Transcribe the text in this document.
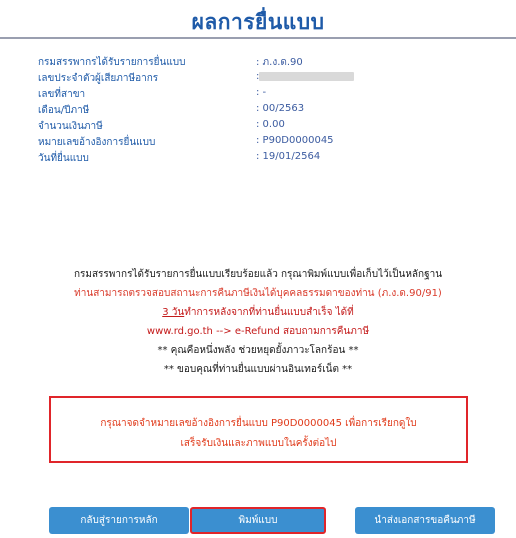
ผลการยื่นแบบ
กรมสรรพากรได้รับรายการยื่นแบบ	: ภ.ง.ด.90
เลขประจำตัวผู้เสียภาษีอากร	:
เลขที่สาขา	: -
เดือน/ปีภาษี	: 00/2563
จำนวนเงินภาษี	: 0.00
หมายเลขอ้างอิงการยื่นแบบ	: P90D0000045
วันที่ยื่นแบบ	: 19/01/2564
กรมสรรพากรได้รับรายการยื่นแบบเรียบร้อยแล้ว กรุณาพิมพ์แบบเพื่อเก็บไว้เป็นหลักฐาน
ท่านสามารถตรวจสอบสถานะการคืนภาษีเงินได้บุคคลธรรมดาของท่าน (ภ.ง.ด.90/91)
3 วันทำการหลังจากที่ท่านยื่นแบบสำเร็จ ได้ที่
www.rd.go.th --> e-Refund สอบถามการคืนภาษี
** คุณคือหนึ่งพลัง ช่วยหยุดยั้งภาวะโลกร้อน **
** ขอบคุณที่ท่านยื่นแบบผ่านอินเทอร์เน็ต **
กรุณาจดจำหมายเลขอ้างอิงการยื่นแบบ P90D0000045 เพื่อการเรียกดูใบ
เสร็จรับเงินและภาพแบบในครั้งต่อไป
กลับสู่รายการหลัก	พิมพ์แบบ	นำส่งเอกสารขอคืนภาษี
